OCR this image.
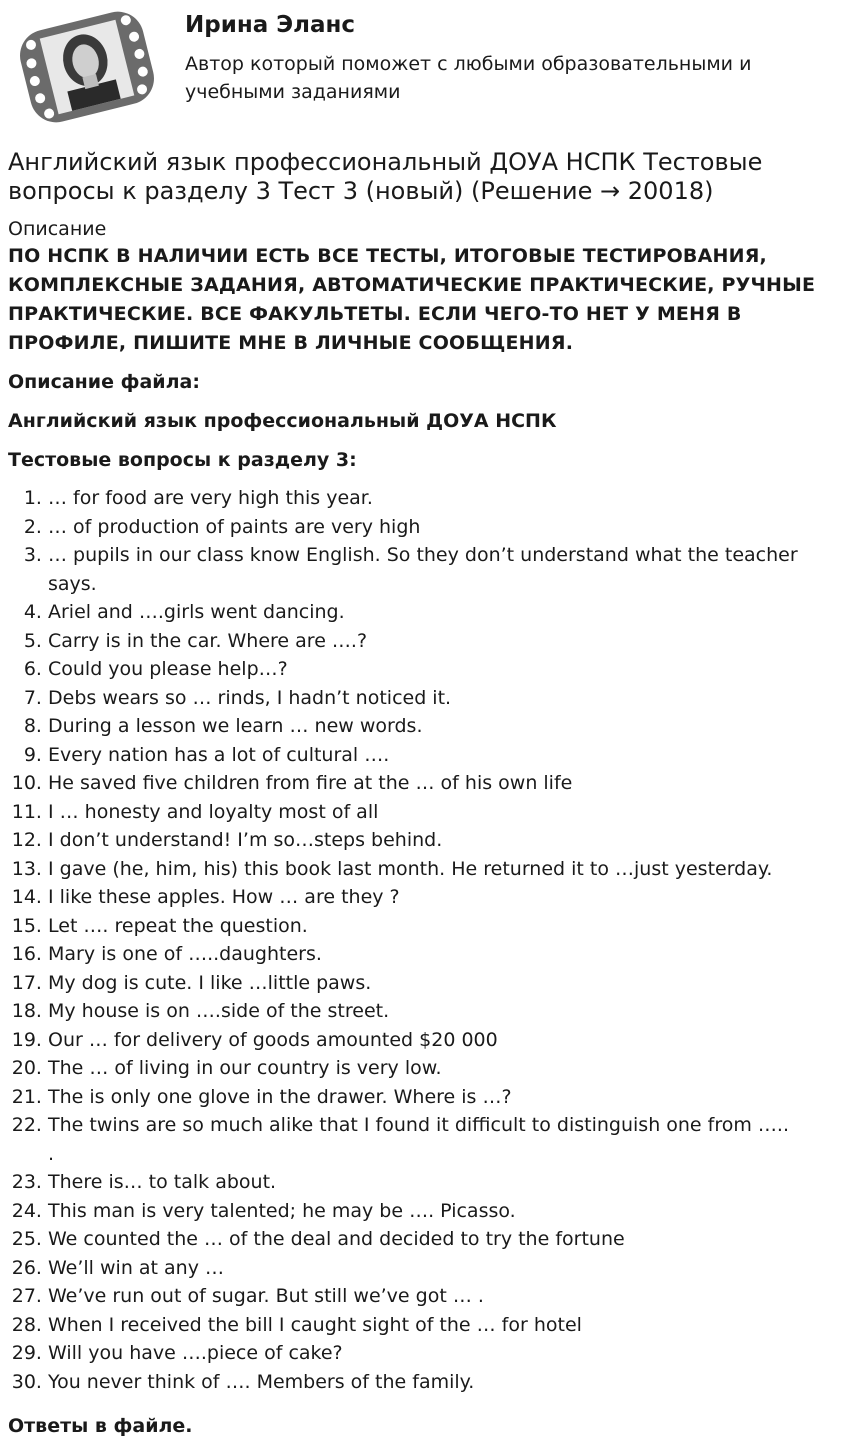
Ирина Эланс
Автор который поможет с любыми образовательными и учебными заданиями
Английский язык профессиональный ДОУА НСПК Тестовые вопросы к разделу 3 Тест 3 (новый) (Решение → 20018)
Описание
ПО НСПК В НАЛИЧИИ ЕСТЬ ВСЕ ТЕСТЫ, ИТОГОВЫЕ ТЕСТИРОВАНИЯ, КОМПЛЕКСНЫЕ ЗАДАНИЯ, АВТОМАТИЧЕСКИЕ ПРАКТИЧЕСКИЕ, РУЧНЫЕ ПРАКТИЧЕСКИЕ. ВСЕ ФАКУЛЬТЕТЫ. ЕСЛИ ЧЕГО-ТО НЕТ У МЕНЯ В ПРОФИЛЕ, ПИШИТЕ МНЕ В ЛИЧНЫЕ СООБЩЕНИЯ.
Описание файла:
Английский язык профессиональный ДОУА НСПК
Тестовые вопросы к разделу 3:
1. … for food are very high this year.
2. … of production of paints are very high
3. … pupils in our class know English. So they don’t understand what the teacher says.
4. Ariel and ….girls went dancing.
5. Carry is in the car. Where are ….?
6. Could you please help…?
7. Debs wears so … rinds, I hadn’t noticed it.
8. During a lesson we learn … new words.
9. Every nation has a lot of cultural ….
10. He saved five children from fire at the … of his own life
11. I … honesty and loyalty most of all
12. I don’t understand! I’m so…steps behind.
13. I gave (he, him, his) this book last month. He returned it to …just yesterday.
14. I like these apples. How … are they ?
15. Let …. repeat the question.
16. Mary is one of …..daughters.
17. My dog is cute. I like …little paws.
18. My house is on ….side of the street.
19. Our … for delivery of goods amounted $20 000
20. The … of living in our country is very low.
21. The is only one glove in the drawer. Where is …?
22. The twins are so much alike that I found it difficult to distinguish one from ….. .
23. There is… to talk about.
24. This man is very talented; he may be …. Picasso.
25. We counted the … of the deal and decided to try the fortune
26. We’ll win at any …
27. We’ve run out of sugar. But still we’ve got … .
28. When I received the bill I caught sight of the … for hotel
29. Will you have ….piece of cake?
30. You never think of …. Members of the family.
Ответы в файле.
